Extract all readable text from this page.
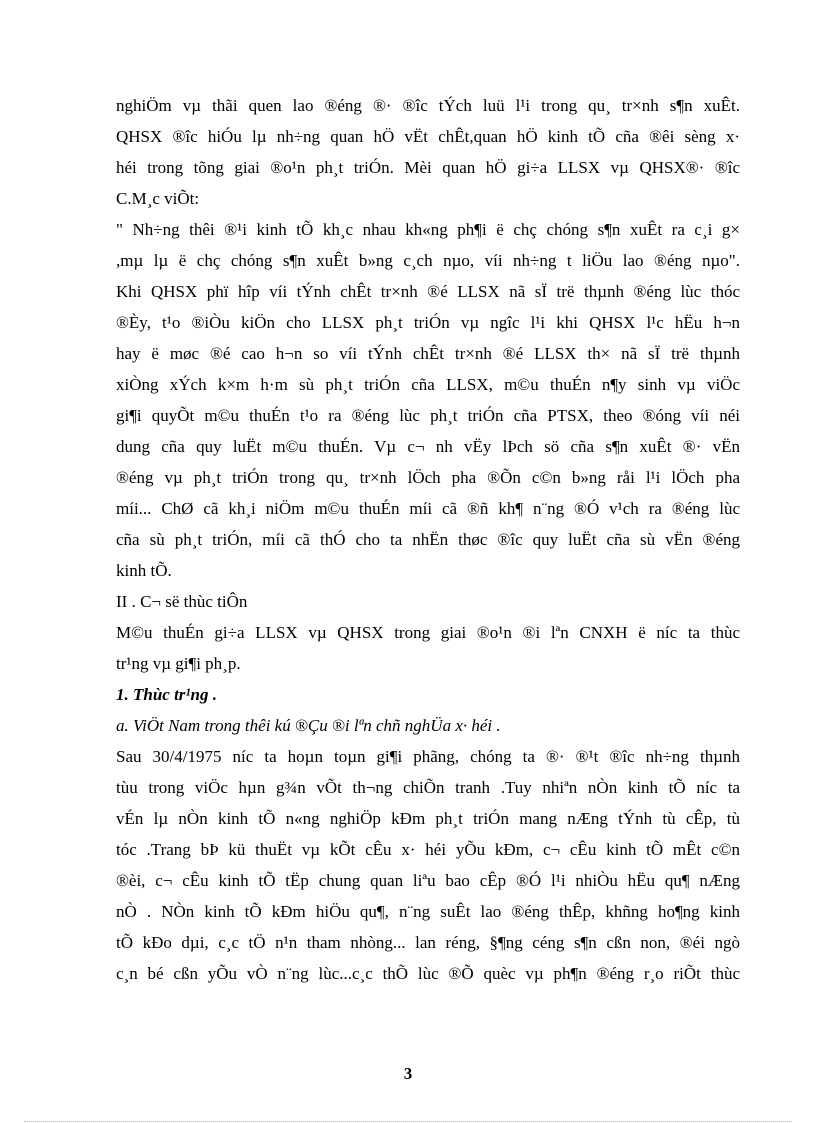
nghiÖm vµ thãi quen lao ®éng ®· ®îc tÝch luü l¹i trong qu¸ tr×nh s¶n xuÊt.
QHSX ®îc hiÓu lµ nh÷ng quan hÖ vËt chÊt,quan hÖ kinh tÕ cña ®êi sèng x·
héi trong tõng giai ®o¹n ph¸t triÓn. Mèi quan hÖ gi÷a LLSX vµ QHSX®· ®îc
C.M¸c viÕt:
" Nh÷ng thêi ®¹i kinh tÕ kh¸c nhau kh«ng ph¶i ë chç chóng s¶n xuÊt ra c¸i g×
,mµ lµ ë chç chóng s¶n xuÊt b»ng c¸ch nµo, víi nh÷ng t liÖu lao ®éng nµo".
Khi QHSX phï hîp víi tÝnh chÊt tr×nh ®é LLSX nã sÏ trë thµnh ®éng lùc thóc
®Èy, t¹o ®iÒu kiÖn cho LLSX ph¸t triÓn vµ ngîc l¹i khi QHSX l¹c hËu h¬n
hay ë møc ®é cao h¬n so víi tÝnh chÊt tr×nh ®é LLSX th× nã sÏ trë thµnh
xiÒng xÝch k×m h·m sù ph¸t triÓn cña LLSX, m©u thuÉn n¶y sinh vµ viÖc
gi¶i quyÕt m©u thuÉn t¹o ra ®éng lùc ph¸t triÓn cña PTSX, theo ®óng víi néi
dung cña quy luËt m©u thuÉn. Vµ c¬ nh vËy lÞch sö cña s¶n xuÊt ®· vËn
®éng vµ ph¸t triÓn trong qu¸ tr×nh lÖch pha ®Õn c©n b»ng råi l¹i lÖch pha
míi... ChØ cã kh¸i niÖm m©u thuÉn míi cã ®ñ kh¶ n¨ng ®Ó v¹ch ra ®éng lùc
cña sù ph¸t triÓn, míi cã thÓ cho ta nhËn thøc ®îc quy luËt cña sù vËn ®éng
kinh tÕ.
II . C¬ së thùc tiÔn
M©u thuÉn gi÷a LLSX vµ QHSX trong giai ®o¹n ®i lªn CNXH ë níc ta thùc
tr¹ng vµ gi¶i ph¸p.
1. Thùc tr¹ng .
a. ViÖt Nam trong thêi kú ®Çu ®i lªn chñ nghÜa x· héi .
Sau 30/4/1975 níc ta hoµn toµn gi¶i phãng, chóng ta ®· ®¹t ®îc nh÷ng thµnh
tùu trong viÖc hµn g¾n vÕt th¬ng chiÕn tranh .Tuy nhiªn nÒn kinh tÕ níc ta
vÉn lµ nÒn kinh tÕ n«ng nghiÖp kÐm ph¸t triÓn mang nÆng tÝnh tù cÊp, tù
tóc .Trang bÞ kü thuËt vµ kÕt cÊu x· héi yÕu kÐm, c¬ cÊu kinh tÕ mÊt c©n
®èi, c¬ cÊu kinh tÕ tËp chung quan liªu bao cÊp ®Ó l¹i nhiÒu hËu qu¶ nÆng
nÒ . NÒn kinh tÕ kÐm hiÖu qu¶, n¨ng suÊt lao ®éng thÊp, khñng ho¶ng kinh
tÕ kÐo dµi, c¸c tÖ n¹n tham nhòng... lan réng, §¶ng céng s¶n cßn non, ®éi ngò
c¸n bé cßn yÕu vÒ n¨ng lùc...c¸c thÕ lùc ®Õ quèc vµ ph¶n ®éng r¸o riÕt thùc
3
